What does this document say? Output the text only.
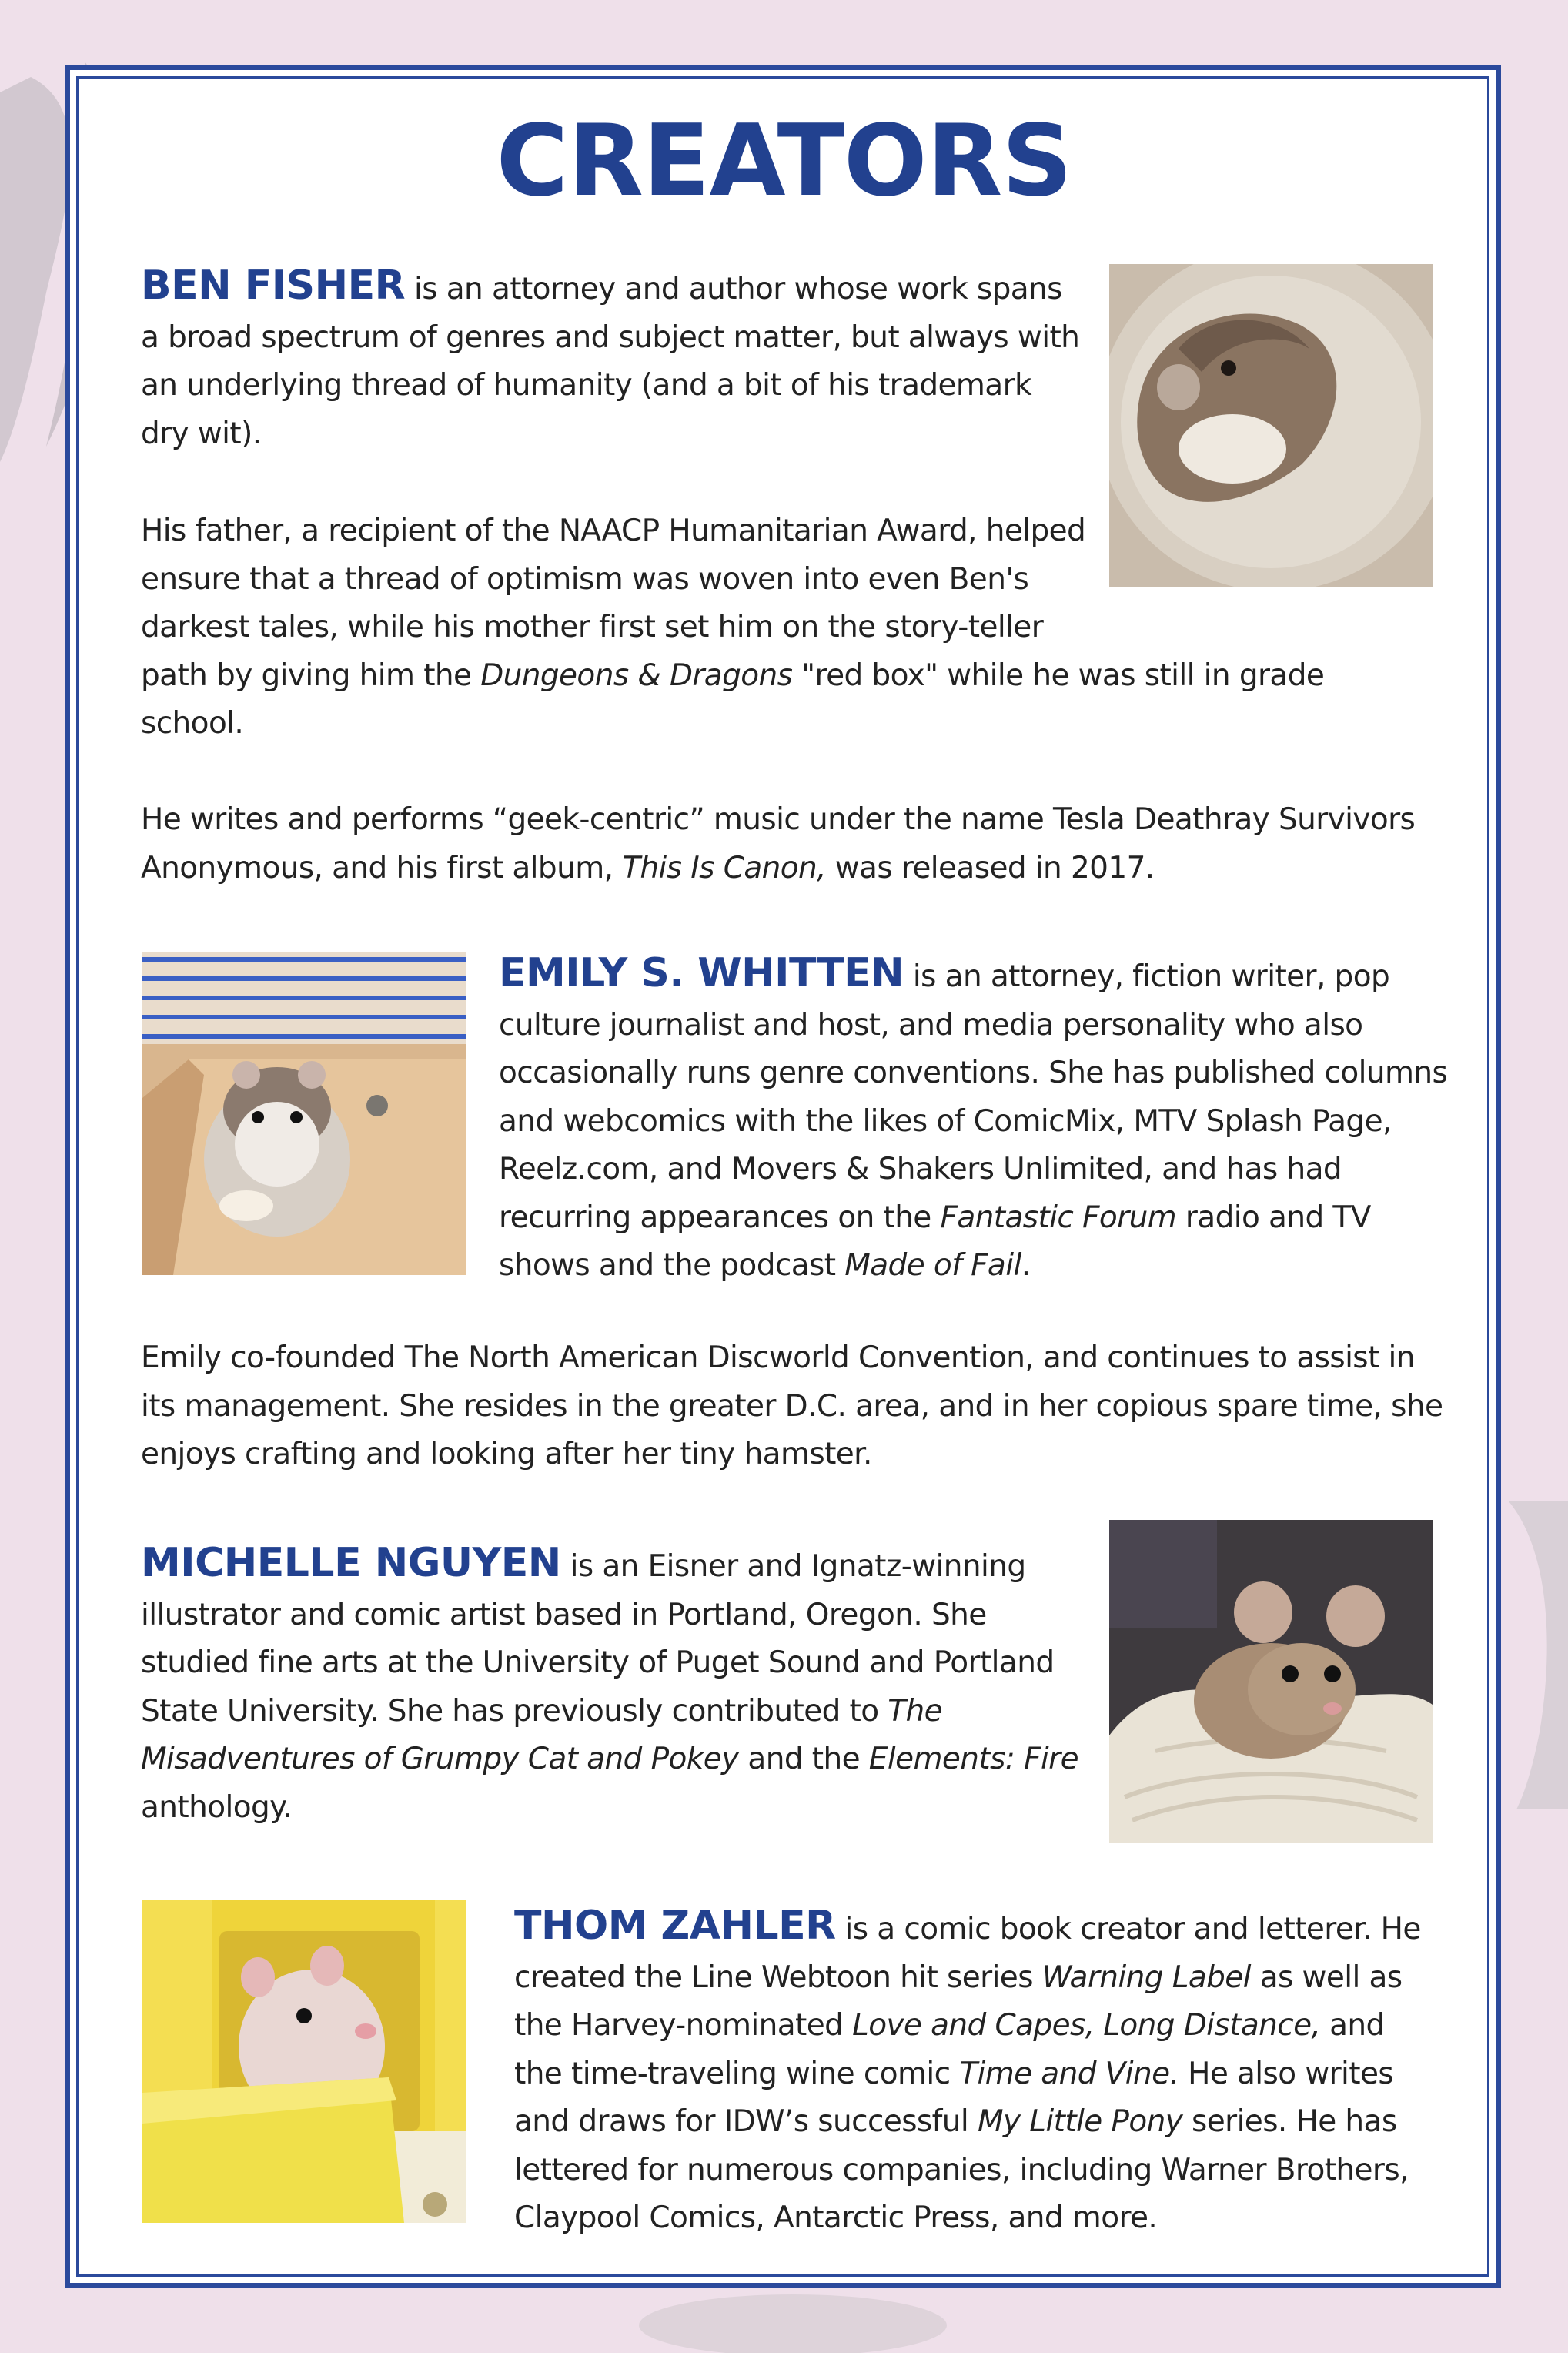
CREATORS

BEN FISHER is an attorney and author whose work spans a broad spectrum of genres and subject matter, but always with an underlying thread of humanity (and a bit of his trademark dry wit).

His father, a recipient of the NAACP Humanitarian Award, helped ensure that a thread of optimism was woven into even Ben's darkest tales, while his mother first set him on the story-teller path by giving him the Dungeons & Dragons "red box" while he was still in grade school.

He writes and performs “geek-centric” music under the name Tesla Deathray Survivors Anonymous, and his first album, This Is Canon, was released in 2017.

EMILY S. WHITTEN is an attorney, fiction writer, pop culture journalist and host, and media personality who also occasionally runs genre conventions. She has published columns and webcomics with the likes of ComicMix, MTV Splash Page, Reelz.com, and Movers & Shakers Unlimited, and has had recurring appearances on the Fantastic Forum radio and TV shows and the podcast Made of Fail.

Emily co-founded The North American Discworld Convention, and continues to assist in its management. She resides in the greater D.C. area, and in her copious spare time, she enjoys crafting and looking after her tiny hamster.

MICHELLE NGUYEN is an Eisner and Ignatz-winning illustrator and comic artist based in Portland, Oregon. She studied fine arts at the University of Puget Sound and Portland State University. She has previously contributed to The Misadventures of Grumpy Cat and Pokey and the Elements: Fire anthology.

THOM ZAHLER is a comic book creator and letterer. He created the Line Webtoon hit series Warning Label as well as the Harvey-nominated Love and Capes, Long Distance, and the time-traveling wine comic Time and Vine. He also writes and draws for IDW’s successful My Little Pony series. He has lettered for numerous companies, including Warner Brothers, Claypool Comics, Antarctic Press, and more.
